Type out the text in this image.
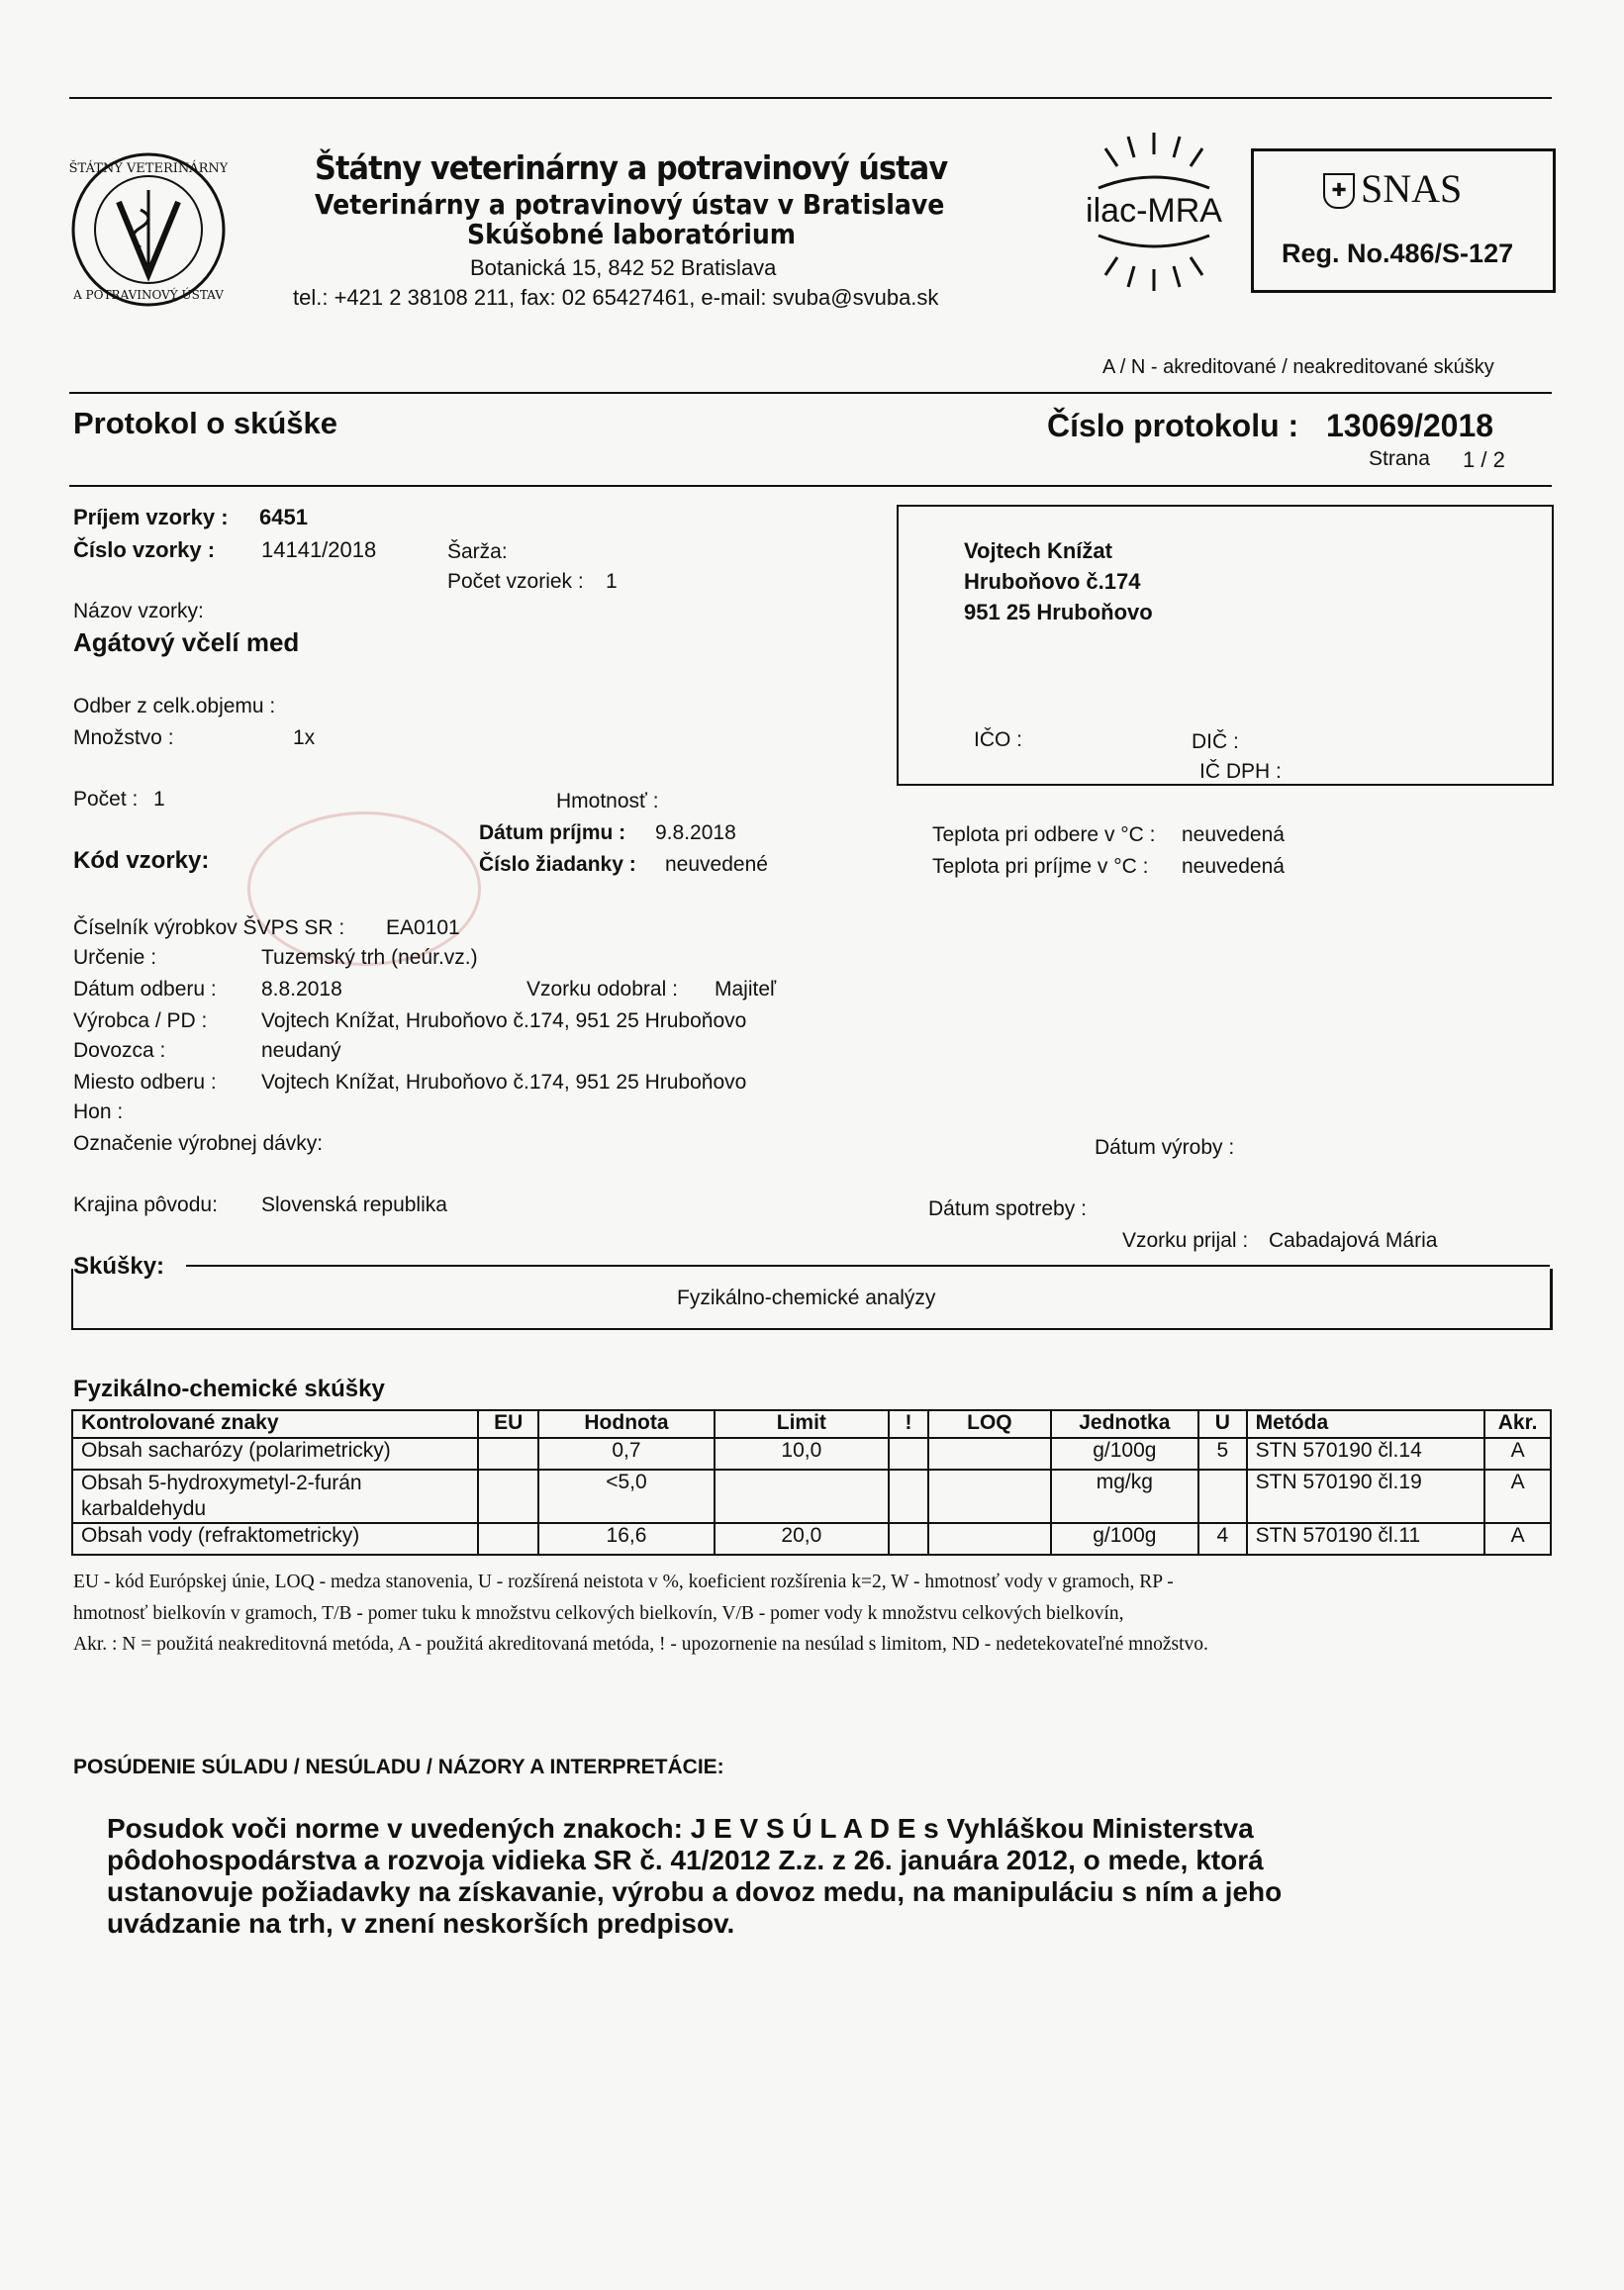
ŠTÁTNY VETERINÁRNY
A POTRAVINOVÝ ÚSTAV
Štátny veterinárny a potravinový ústav
Veterinárny a potravinový ústav v Bratislave
Skúšobné laboratórium
Botanická 15, 842 52 Bratislava
tel.: +421 2 38108 211, fax: 02 65427461, e-mail: svuba@svuba.sk
ilac-MRA
✚ SNAS
Reg. No.486/S-127
A / N - akreditované / neakreditované skúšky
Protokol o skúške	Číslo protokolu : 13069/2018
Strana 1 / 2
Príjem vzorky : 6451
Číslo vzorky : 14141/2018	Šarža:
Počet vzoriek : 1
Názov vzorky:
Agátový včelí med
Odber z celk.objemu :
Množstvo :	1x
Počet : 1	Hmotnosť :
Kód vzorky:
Dátum príjmu : 9.8.2018
Číslo žiadanky : neuvedené
Teplota pri odbere v °C : neuvedená
Teplota pri príjme v °C : neuvedená
Vojtech Knížat
Hruboňovo č.174
951 25 Hruboňovo
IČO :	DIČ :
IČ DPH :
Číselník výrobkov ŠVPS SR : EA0101
Určenie :	Tuzemský trh (neúr.vz.)
Dátum odberu : 8.8.2018	Vzorku odobral : Majiteľ
Výrobca / PD :	Vojtech Knížat, Hruboňovo č.174, 951 25 Hruboňovo
Dovozca :	neudaný
Miesto odberu : Vojtech Knížat, Hruboňovo č.174, 951 25 Hruboňovo
Hon :
Označenie výrobnej dávky:	Dátum výroby :
Krajina pôvodu: Slovenská republika	Dátum spotreby :
Vzorku prijal : Cabadajová Mária
Skúšky:
Fyzikálno-chemické analýzy
Fyzikálno-chemické skúšky
Kontrolované znaky	EU	Hodnota	Limit	!	LOQ	Jednotka	U	Metóda	Akr.
Obsah sacharózy (polarimetricky)		0,7	10,0			g/100g	5	STN 570190 čl.14	A
Obsah 5-hydroxymetyl-2-furán karbaldehydu		<5,0				mg/kg		STN 570190 čl.19	A
Obsah vody (refraktometricky)		16,6	20,0			g/100g	4	STN 570190 čl.11	A
EU - kód Európskej únie, LOQ - medza stanovenia, U - rozšírená neistota v %, koeficient rozšírenia k=2, W - hmotnosť vody v gramoch, RP -
hmotnosť bielkovín v gramoch, T/B - pomer tuku k množstvu celkových bielkovín, V/B - pomer vody k množstvu celkových bielkovín,
Akr. : N = použitá neakreditovná metóda, A - použitá akreditovaná metóda, ! - upozornenie na nesúlad s limitom, ND - nedetekovateľné množstvo.
POSÚDENIE SÚLADU / NESÚLADU / NÁZORY A INTERPRETÁCIE:
Posudok voči norme v uvedených znakoch: J E V S Ú L A D E s Vyhláškou Ministerstva
pôdohospodárstva a rozvoja vidieka SR č. 41/2012 Z.z. z 26. januára 2012, o mede, ktorá
ustanovuje požiadavky na získavanie, výrobu a dovoz medu, na manipuláciu s ním a jeho
uvádzanie na trh, v znení neskorších predpisov.
